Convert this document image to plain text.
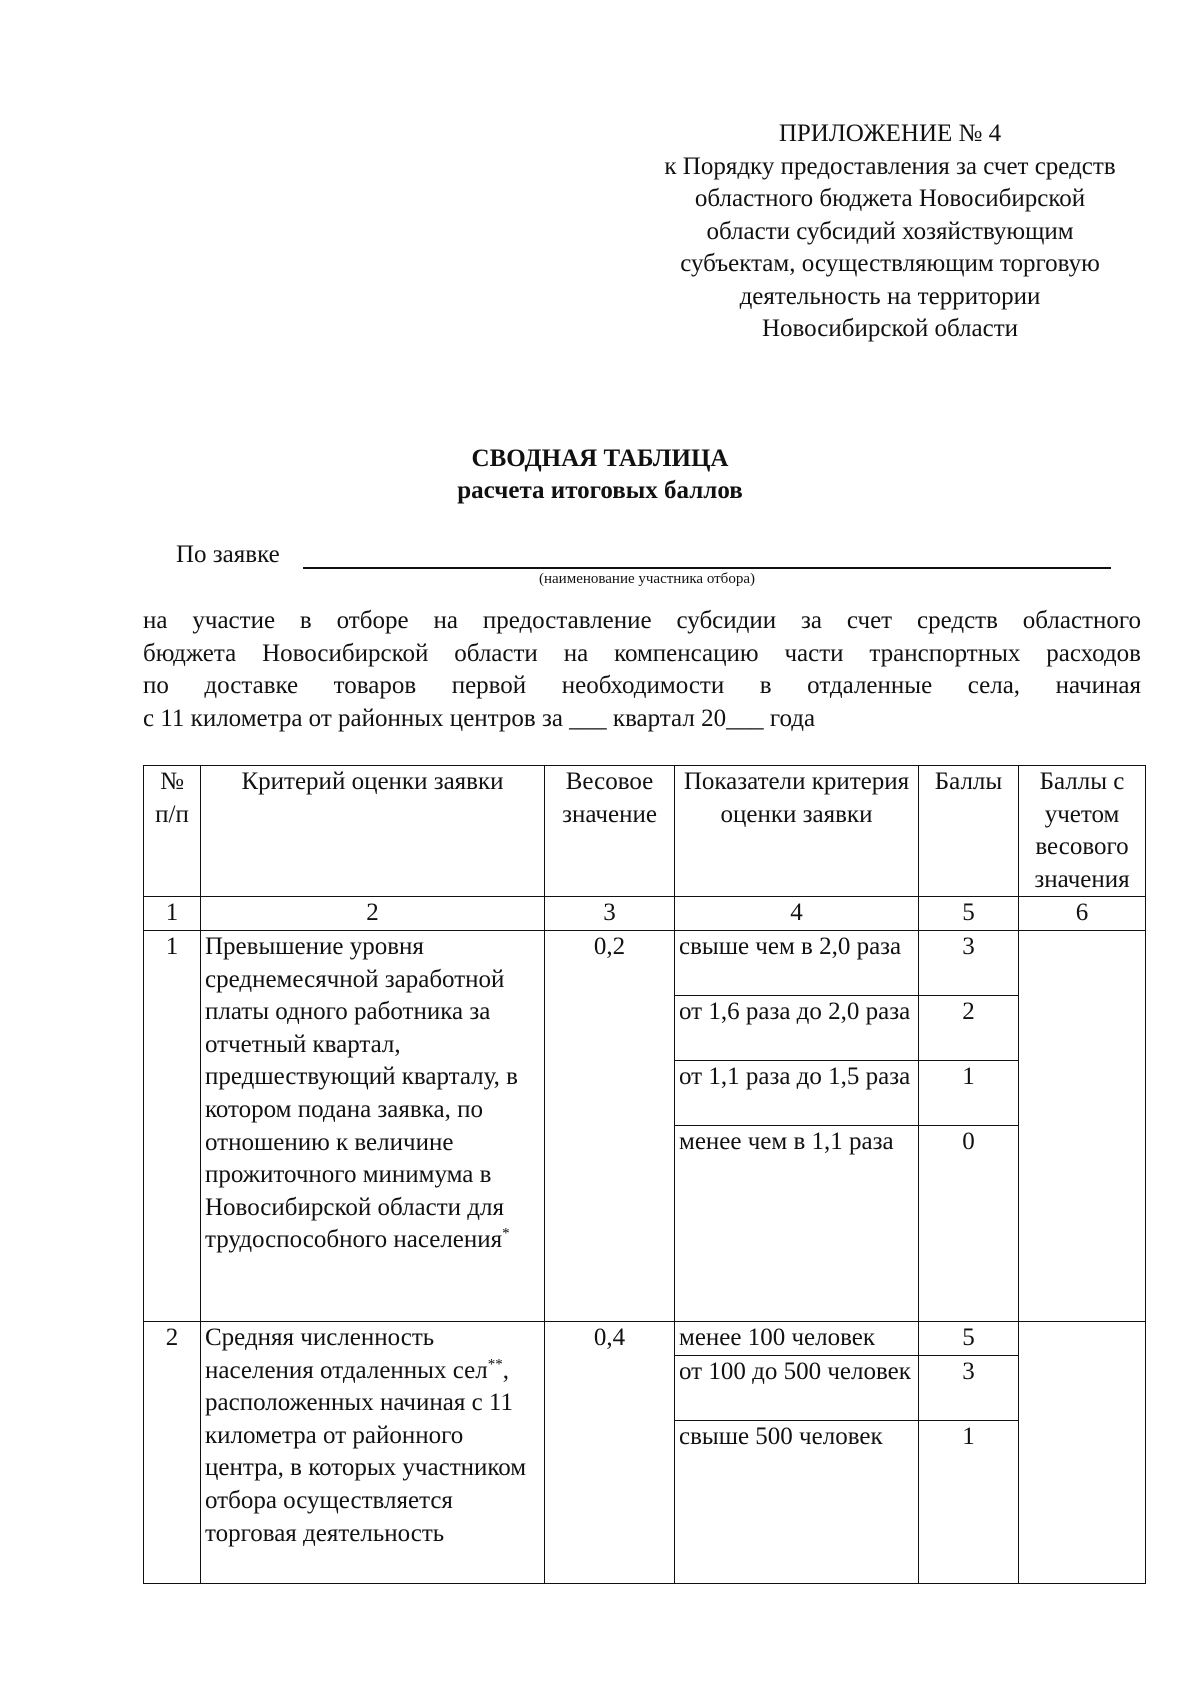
ПРИЛОЖЕНИЕ № 4
к Порядку предоставления за счет средств
областного бюджета Новосибирской
области субсидий хозяйствующим
субъектам, осуществляющим торговую
деятельность на территории
Новосибирской области
СВОДНАЯ ТАБЛИЦА
расчета итоговых баллов
По заявке
(наименование участника отбора)
на участие в отборе на предоставление субсидии за счет средств областного
бюджета Новосибирской области на компенсацию части транспортных расходов
по доставке товаров первой необходимости в отдаленные села, начиная
с 11 километра от районных центров за ___ квартал 20___ года
№ п/п	Критерий оценки заявки	Весовое значение	Показатели критерия оценки заявки	Баллы	Баллы с учетом весового значения
1	2	3	4	5	6
1	Превышение уровня среднемесячной заработной платы одного работника за отчетный квартал, предшествующий кварталу, в котором подана заявка, по отношению к величине прожиточного минимума в Новосибирской области для трудоспособного населения*	0,2	свыше чем в 2,0 раза	3	
			от 1,6 раза до 2,0 раза	2	
			от 1,1 раза до 1,5 раза	1	
			менее чем в 1,1 раза	0	
2	Средняя численность населения отдаленных сел**, расположенных начиная с 11 километра от районного центра, в которых участником отбора осуществляется торговая деятельность	0,4	менее 100 человек	5	
			от 100 до 500 человек	3	
			свыше 500 человек	1	
